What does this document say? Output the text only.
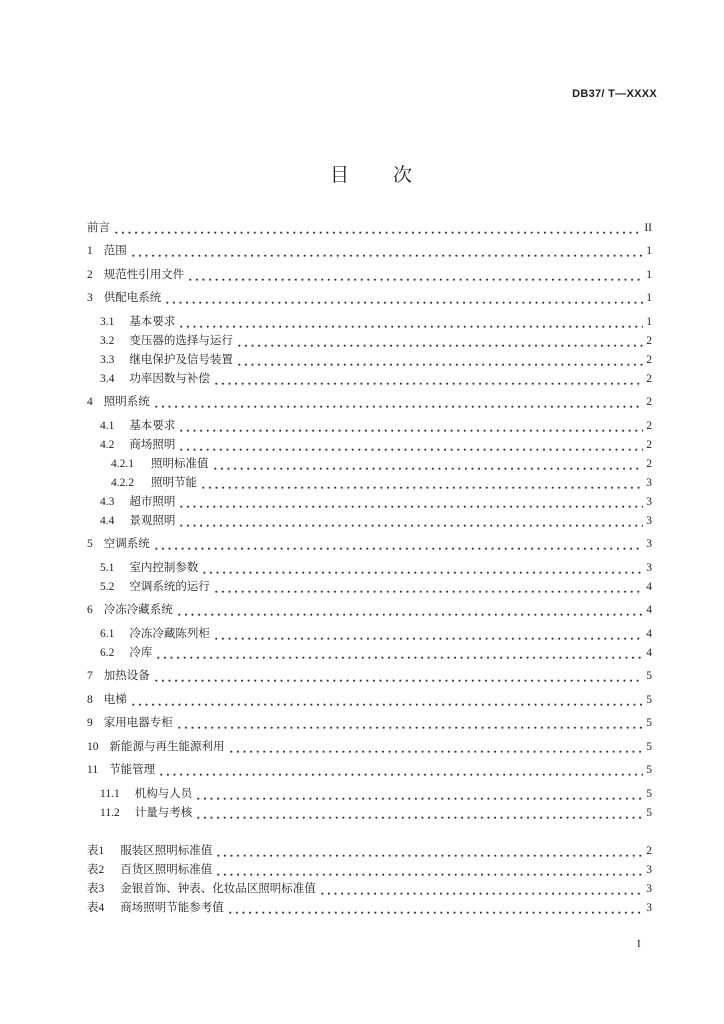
DB37/ T—XXXX
目次
前言	II
1 范围	1
2 规范性引用文件	1
3 供配电系统	1
3.1 基本要求	1
3.2 变压器的选择与运行	2
3.3 继电保护及信号装置	2
3.4 功率因数与补偿	2
4 照明系统	2
4.1 基本要求	2
4.2 商场照明	2
4.2.1 照明标准值	2
4.2.2 照明节能	3
4.3 超市照明	3
4.4 景观照明	3
5 空调系统	3
5.1 室内控制参数	3
5.2 空调系统的运行	4
6 冷冻冷藏系统	4
6.1 冷冻冷藏陈列柜	4
6.2 冷库	4
7 加热设备	5
8 电梯	5
9 家用电器专柜	5
10 新能源与再生能源利用	5
11 节能管理	5
11.1 机构与人员	5
11.2 计量与考核	5
表1 服装区照明标准值	2
表2 百货区照明标准值	3
表3 金银首饰、钟表、化妆品区照明标准值	3
表4 商场照明节能参考值	3
I
